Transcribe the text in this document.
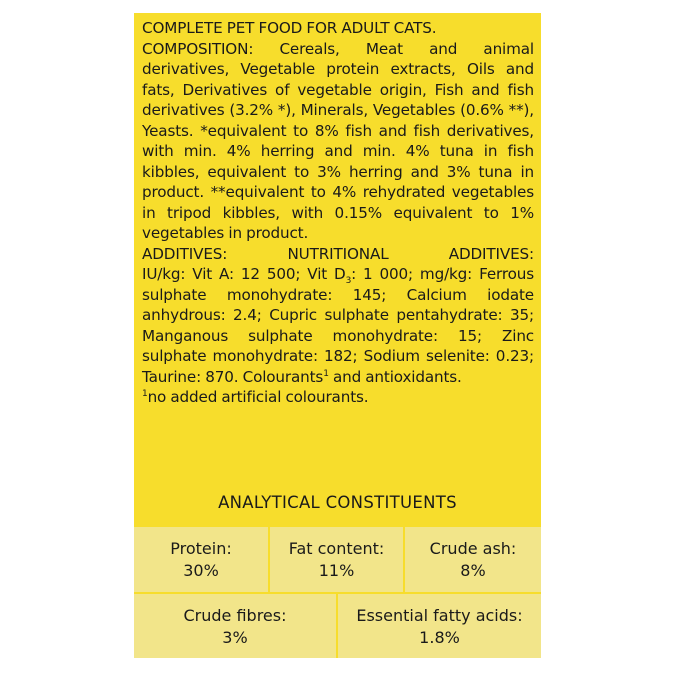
COMPLETE PET FOOD FOR ADULT CATS.

COMPOSITION: Cereals, Meat and animal derivatives, Vegetable protein extracts, Oils and fats, Derivatives of vegetable origin, Fish and fish derivatives (3.2% *), Minerals, Vegetables (0.6% **), Yeasts. *equivalent to 8% fish and fish derivatives, with min. 4% herring and min. 4% tuna in fish kibbles, equivalent to 3% herring and 3% tuna in product. **equivalent to 4% rehydrated vegetables in tripod kibbles, with 0.15% equivalent to 1% vegetables in product.

ADDITIVES: NUTRITIONAL ADDITIVES:

IU/kg: Vit A: 12 500; Vit $D_3$: 1 000; mg/kg: Ferrous sulphate monohydrate: 145; Calcium iodate anhydrous: 2.4; Cupric sulphate pentahydrate: 35; Manganous sulphate monohydrate: 15; Zinc sulphate monohydrate: 182; Sodium selenite: 0.23; Taurine: 870. Colourants$^1$ and antioxidants.

$^1$no added artificial colourants.

ANALYTICAL CONSTITUENTS
Protein:
30%
Fat content:
11%
Crude ash:
8%
Crude fibres:
3%
Essential fatty acids:
1.8%
